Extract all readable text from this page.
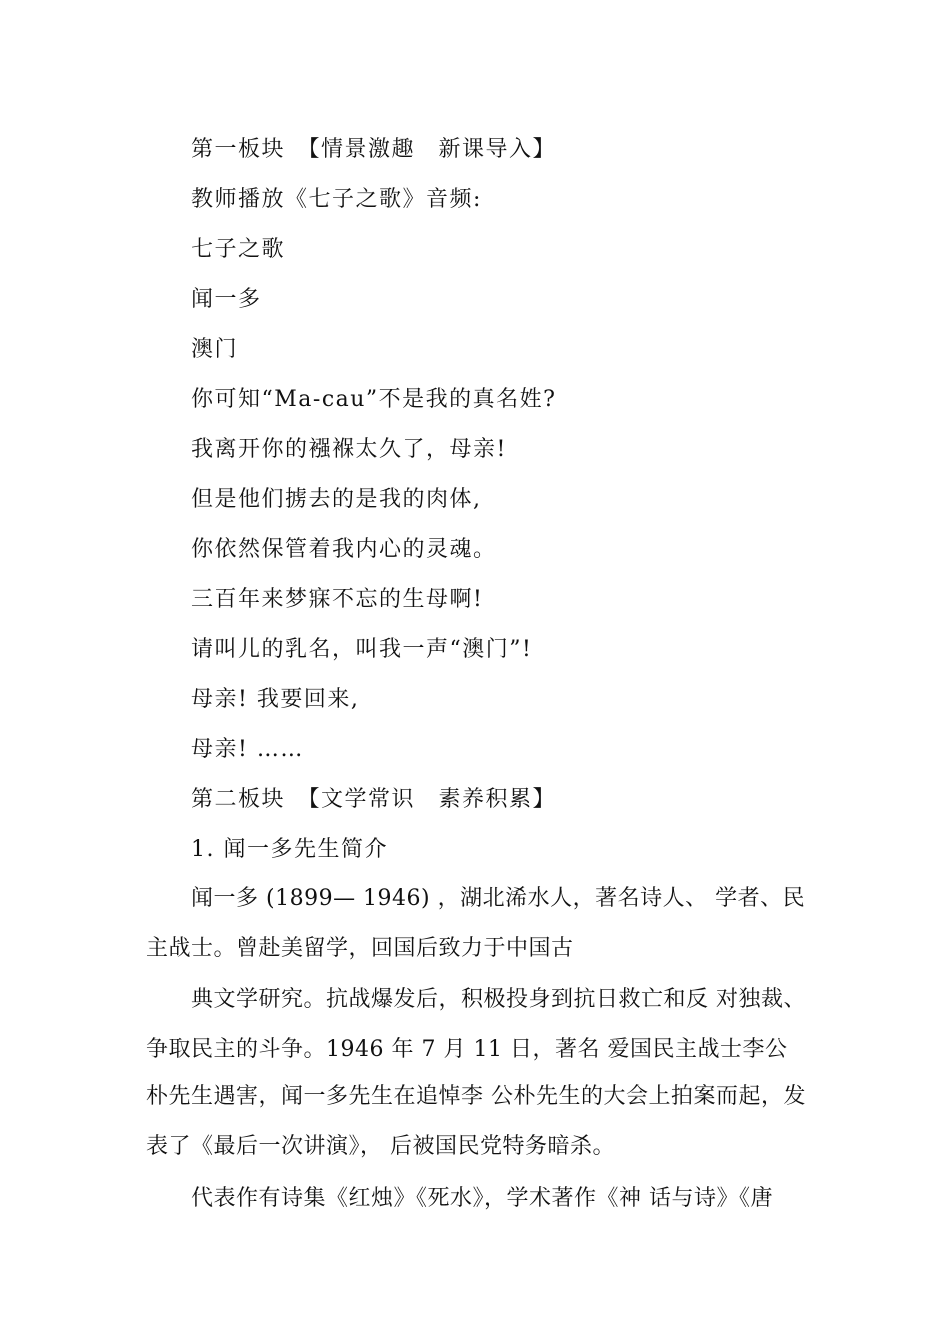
第一板块　【情景激趣　新课导入】
教师播放《七子之歌》音频:
七子之歌
闻一多
澳门
你可知“Ma-cau”不是我的真名姓?
我离开你的襁褓太久了，母亲!
但是他们掳去的是我的肉体,
你依然保管着我内心的灵魂。
三百年来梦寐不忘的生母啊!
请叫儿的乳名，叫我一声“澳门”!
母亲! 我要回来,
母亲! ……
第二板块　【文学常识　素养积累】
1. 闻一多先生简介
闻一多 (1899— 1946) ，湖北浠水人，著名诗人、 学者、民
主战士。曾赴美留学，回国后致力于中国古
典文学研究。抗战爆发后，积极投身到抗日救亡和反 对独裁、
争取民主的斗争。1946 年 7 月 11 日，著名 爱国民主战士李公
朴先生遇害，闻一多先生在追悼李 公朴先生的大会上拍案而起，发
表了《最后一次讲演》， 后被国民党特务暗杀。
代表作有诗集《红烛》《死水》，学术著作《神 话与诗》《唐
